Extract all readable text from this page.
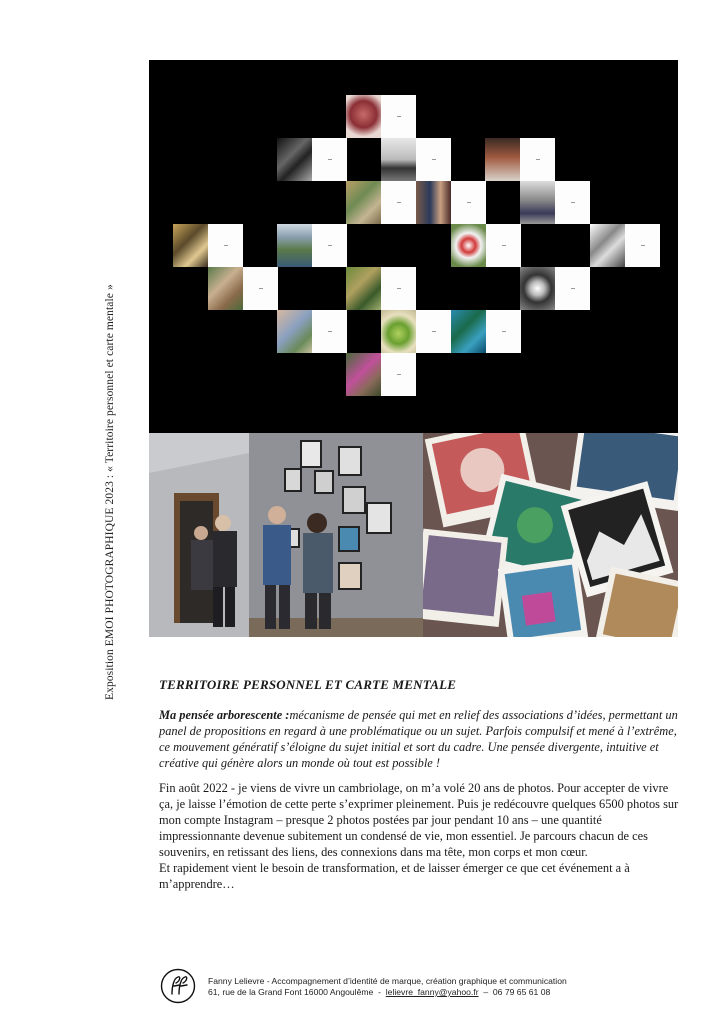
Exposition EMOI PHOTOGRAPHIQUE 2023 : « Territoire personnel et carte mentale »	TERRITOIRE PERSONNEL ET CARTE MENTALE

Ma pensée arborescente :mécanisme de pensée qui met en relief des associations d’idées, permettant un panel de propositions en regard à une problématique ou un sujet. Parfois compulsif et mené à l’extrême, ce mouvement génératif s’éloigne du sujet initial et sort du cadre. Une pensée divergente, intuitive et créative qui génère alors un monde où tout est possible !

Fin août 2022 - je viens de vivre un cambriolage, on m’a volé 20 ans de photos. Pour accepter de vivre ça, je laisse l’émotion de cette perte s’exprimer pleinement. Puis je redécouvre quelques 6500 photos sur mon compte Instagram – presque 2 photos postées par jour pendant 10 ans – une quantité impressionnante devenue subitement un condensé de vie, mon essentiel. Je parcours chacun de ces souvenirs, en retissant des liens, des connexions dans ma tête, mon corps et mon cœur.

Et rapidement vient le besoin de transformation, et de laisser émerger ce que cet événement a à m’apprendre…

Fanny Lelievre - Accompagnement d’identité de marque, création graphique et communication
61, rue de la Grand Font 16000 Angoulême - lelievre_fanny@yahoo.fr – 06 79 65 61 08
